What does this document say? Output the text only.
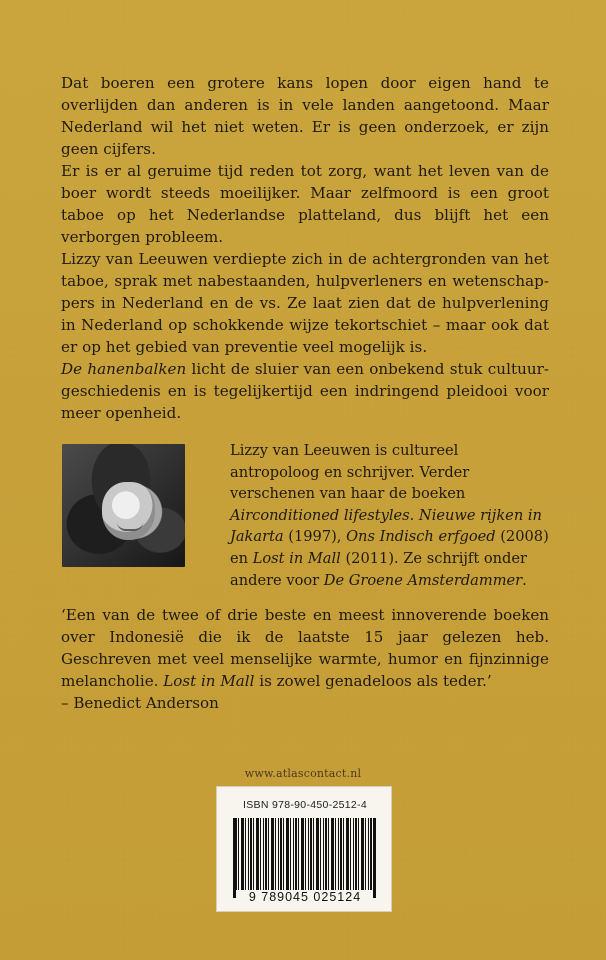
Dat boeren een grotere kans lopen door eigen hand te overlijden dan anderen is in vele landen aangetoond. Maar Nederland wil het niet weten. Er is geen onderzoek, er zijn geen cijfers.

Er is er al geruime tijd reden tot zorg, want het leven van de boer wordt steeds moeilijker. Maar zelfmoord is een groot taboe op het Nederlandse platteland, dus blijft het een verborgen probleem.

Lizzy van Leeuwen verdiepte zich in de achtergronden van het taboe, sprak met nabestaanden, hulpverleners en wetenschappers in Nederland en de vs. Ze laat zien dat de hulpverlening in Nederland op schokkende wijze tekortschiet – maar ook dat er op het gebied van preventie veel mogelijk is.

De hanenbalken licht de sluier van een onbekend stuk cultuurgeschiedenis en is tegelijkertijd een indringend pleidooi voor meer openheid.

Lizzy van Leeuwen is cultureel antropoloog en schrijver. Verder verschenen van haar de boeken Airconditioned lifestyles. Nieuwe rijken in Jakarta (1997), Ons Indisch erfgoed (2008) en Lost in Mall (2011). Ze schrijft onder andere voor De Groene Amsterdammer.

‘Een van de twee of drie beste en meest innoverende boeken over Indonesië die ik de laatste 15 jaar gelezen heb. Geschreven met veel menselijke warmte, humor en fijnzinnige melancholie. Lost in Mall is zowel genadeloos als teder.’

– Benedict Anderson
www.atlascontact.nl
ISBN 978-90-450-2512-4
9 789045 025124
